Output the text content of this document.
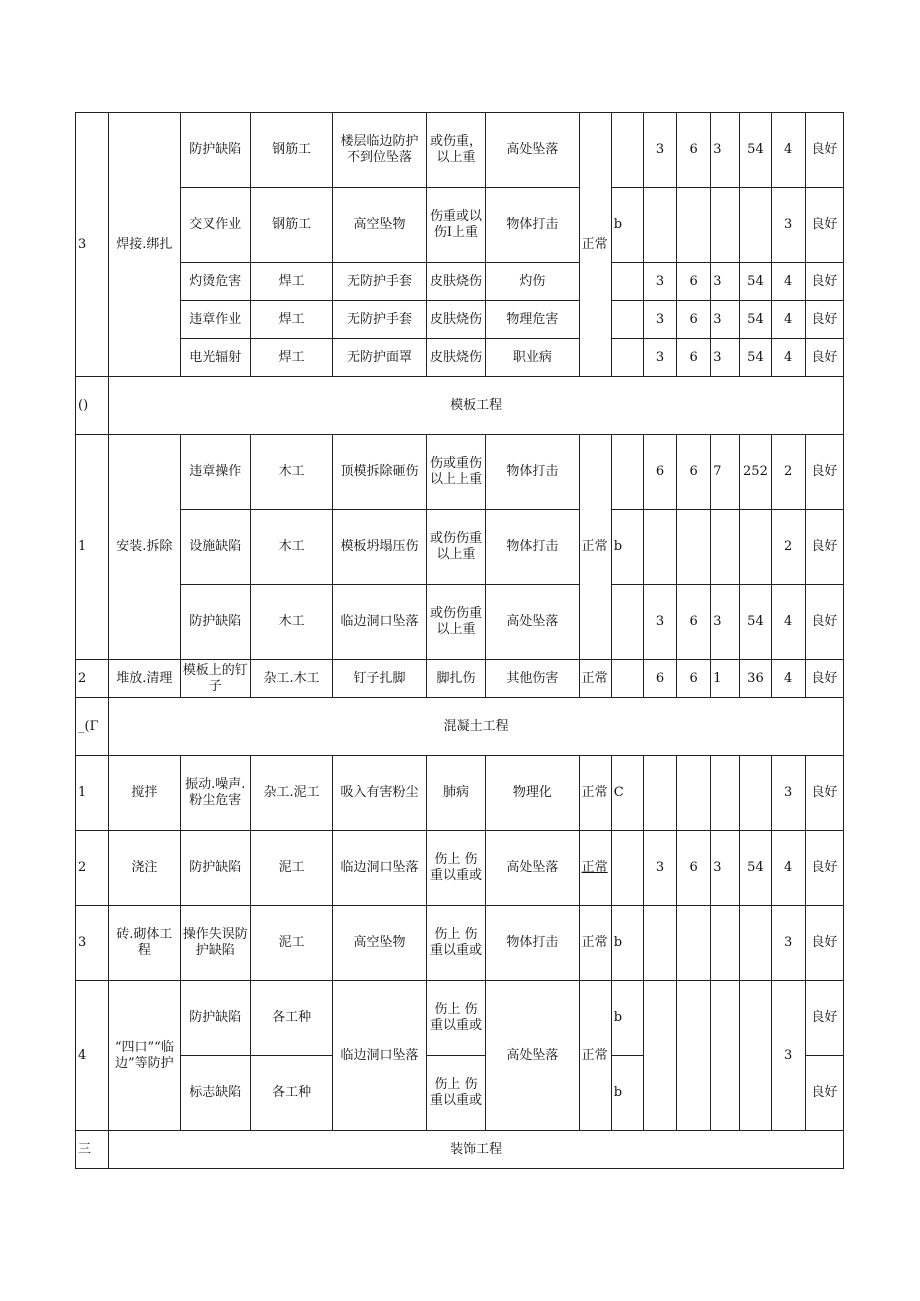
3	焊接.绑扎	防护缺陷	钢筋工	楼层临边防护不到位坠落	或伤重，以上重	高处坠落	正常		3	6	3	54	4	良好
		交叉作业	钢筋工	高空坠物	伤重或以伤I上重	物体打击		b					3	良好
		灼烫危害	焊工	无防护手套	皮肤烧伤	灼伤			3	6	3	54	4	良好
		违章作业	焊工	无防护手套	皮肤烧伤	物理危害			3	6	3	54	4	良好
		电光辐射	焊工	无防护面罩	皮肤烧伤	职业病			3	6	3	54	4	良好
()	模板工程													
1	安装.拆除	违章操作	木工	顶模拆除砸伤	伤或重伤以上上重	物体打击	正常		6	6	7	252	2	良好
		设施缺陷	木工	模板坍塌压伤	或伤伤重以上重	物体打击		b					2	良好
		防护缺陷	木工	临边洞口坠落	或伤伤重以上重	高处坠落			3	6	3	54	4	良好
2	堆放.清理	模板上的钉子	杂工.木工	钉子扎脚	脚扎伤	其他伤害	正常		6	6	1	36	4	良好
_(Γ	混凝土工程													
1	搅拌	振动.噪声.粉尘危害	杂工.泥工	吸入有害粉尘	肺病	物理化	正常	C					3	良好
2	浇注	防护缺陷	泥工	临边洞口坠落	伤上 伤重以重或	高处坠落	正常		3	6	3	54	4	良好
3	砖.砌体工程	操作失误防护缺陷	泥工	高空坠物	伤上 伤重以重或	物体打击	正常	b					3	良好
4	“四口”“临边”等防护	防护缺陷	各工种	临边洞口坠落	伤上 伤重以重或	高处坠落	正常	b					3	良好
		标志缺陷	各工种		伤上 伤重以重或			b						良好
三	装饰工程													
